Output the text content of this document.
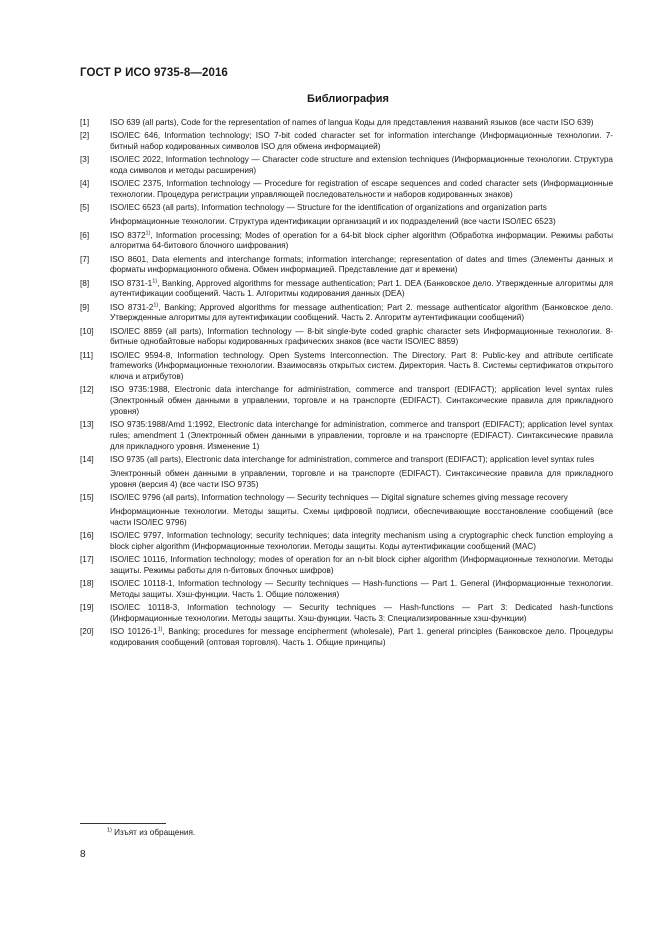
ГОСТ Р ИСО 9735-8—2016
Библиография
[1]	ISO 639 (all parts), Code for the representation of names of langua Коды для представления названий языков (все части ISO 639)

[2]	ISO/IEC 646, Information technology; ISO 7-bit coded character set for information interchange (Информационные технологии. 7-битный набор кодированных символов ISO для обмена информацией)

[3]	ISO/IEC 2022, Information technology — Character code structure and extension techniques (Информационные технологии. Структура кода символов и методы расширения)

[4]	ISO/IEC 2375, Information technology — Procedure for registration of escape sequences and coded character sets (Информационные технологии. Процедура регистрации управляющей последовательности и наборов кодированных знаков)

[5]	ISO/IEC 6523 (all parts), Information technology — Structure for the identification of organizations and organization parts

Информационные технологии. Структура идентификации организаций и их подразделений (все части ISO/IEC 6523)

[6]	ISO 8372$^{1)}$, Information processing; Modes of operation for a 64-bit block cipher algorithm (Обработка информации. Режимы работы алгоритма 64-битового блочного шифрования)

[7]	ISO 8601, Data elements and interchange formats; information interchange; representation of dates and times (Элементы данных и форматы информационного обмена. Обмен информацией. Представление дат и времени)

[8]	ISO 8731-1$^{1)}$, Banking, Approved algorithms for message authentication; Part 1. DEA (Банковское дело. Утвержденные алгоритмы для аутентификации сообщений. Часть 1. Алгоритмы кодирования данных (DEA)

[9]	ISO 8731-2$^{1)}$, Banking; Approved algorithms for message authentication; Part 2. message authenticator algorithm (Банковское дело. Утвержденные алгоритмы для аутентификации сообщений. Часть 2. Алгоритм аутентификации сообщений)

[10]	ISO/IEC 8859 (all parts), Information technology — 8-bit single-byte coded graphic character sets Информационные технологии. 8-битные однобайтовые наборы кодированных графических знаков (все части ISO/IEC 8859)

[11]	ISO/IEC 9594-8, Information technology. Open Systems Interconnection. The Directory. Part 8: Public-key and attribute certificate frameworks (Информационные технологии. Взаимосвязь открытых систем. Директория. Часть 8. Системы сертификатов открытого ключа и атрибутов)

[12]	ISO 9735:1988, Electronic data interchange for administration, commerce and transport (EDIFACT); application level syntax rules (Электронный обмен данными в управлении, торговле и на транспорте (EDIFACT). Синтаксические правила для прикладного уровня)

[13]	ISO 9735:1988/Amd 1:1992, Electronic data interchange for administration, commerce and transport (EDIFACT); application level syntax rules; amendment 1 (Электронный обмен данными в управлении, торговле и на транспорте (EDIFACT). Синтаксические правила для прикладного уровня. Изменение 1)

[14]	ISO 9735 (all parts), Electronic data interchange for administration, commerce and transport (EDIFACT); application level syntax rules

Электронный обмен данными в управлении, торговле и на транспорте (EDIFACT). Синтаксические правила для прикладного уровня (версия 4) (все части ISO 9735)

[15]	ISO/IEC 9796 (all parts), Information technology — Security techniques — Digital signature schemes giving message recovery

Информационные технологии. Методы защиты. Схемы цифровой подписи, обеспечивающие восстановление сообщений (все части ISO/IEC 9796)

[16]	ISO/IEC 9797, Information technology; security techniques; data integrity mechanism using a cryptographic check function employing a block cipher algorithm (Информационные технологии. Методы защиты. Коды аутентификации сообщений (MAC)

[17]	ISO/IEC 10116, Information technology; modes of operation for an n-bit block cipher algorithm (Информационные технологии. Методы защиты. Режимы работы для n-битовых блочных шифров)

[18]	ISO/IEC 10118-1, Information technology — Security techniques — Hash-functions — Part 1. General (Информационные технологии. Методы защиты. Хэш-функции. Часть 1. Общие положения)

[19]	ISO/IEC 10118-3, Information technology — Security techniques — Hash-functions — Part 3: Dedicated hash-functions (Информационные технологии. Методы защиты. Хэш-функции. Часть 3: Специализированные хэш-функции)

[20]	ISO 10126-1$^{1)}$, Banking; procedures for message encipherment (wholesale), Part 1. general principles (Банковское дело. Процедуры кодирования сообщений (оптовая торговля). Часть 1. Общие принципы)

$^{1)}$ Изъят из обращения.
8
